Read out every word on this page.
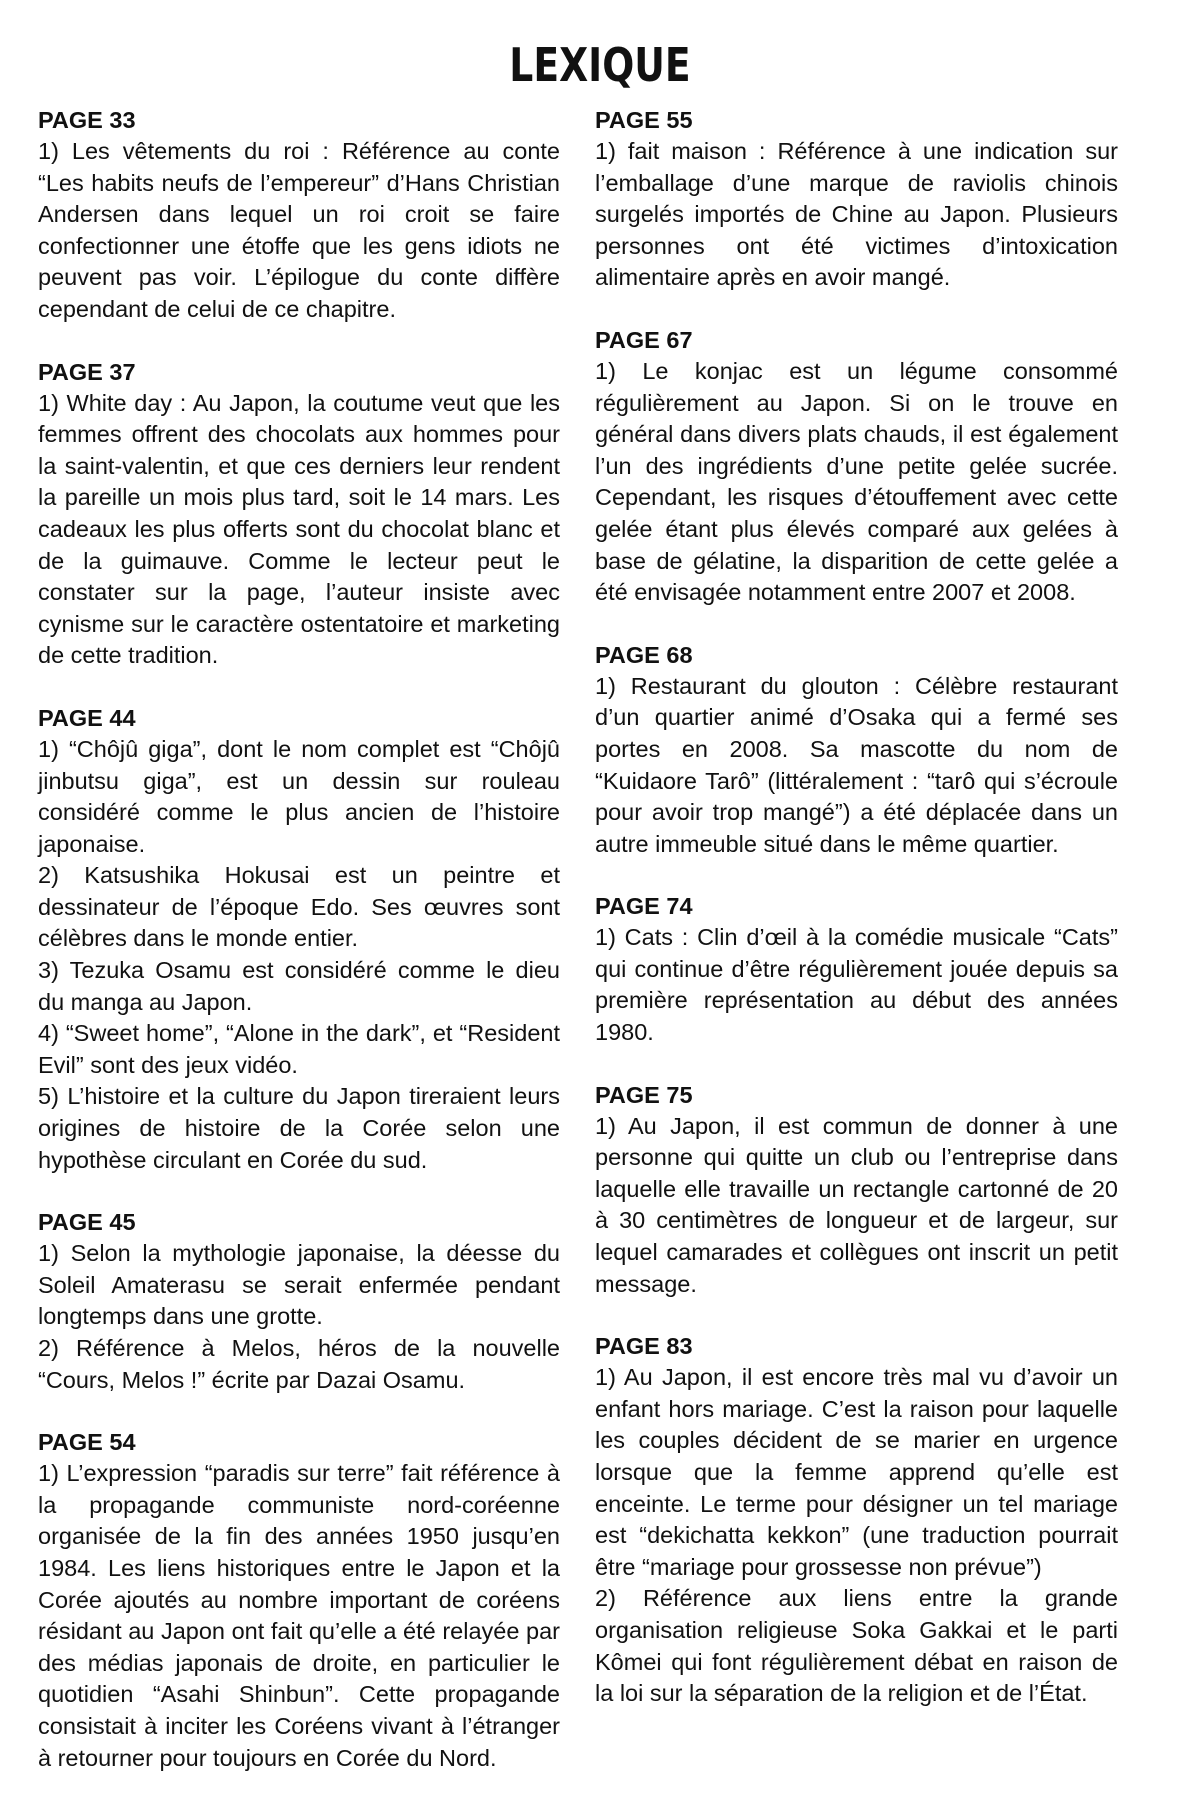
LEXIQUE
PAGE 33

1) Les vêtements du roi : Référence au conte “Les habits neufs de l’empereur” d’Hans Christian Andersen dans lequel un roi croit se faire confectionner une étoffe que les gens idiots ne peuvent pas voir. L’épilogue du conte diffère cependant de celui de ce chapitre.

PAGE 37

1) White day : Au Japon, la coutume veut que les femmes offrent des chocolats aux hommes pour la saint-valentin, et que ces derniers leur rendent la pareille un mois plus tard, soit le 14 mars. Les cadeaux les plus offerts sont du chocolat blanc et de la guimauve. Comme le lecteur peut le constater sur la page, l’auteur insiste avec cynisme sur le caractère ostentatoire et marketing de cette tradition.

PAGE 44

1) “Chôjû giga”, dont le nom complet est “Chôjû jinbutsu giga”, est un dessin sur rouleau considéré comme le plus ancien de l’histoire japonaise.

2) Katsushika Hokusai est un peintre et dessinateur de l’époque Edo. Ses œuvres sont célèbres dans le monde entier.

3) Tezuka Osamu est considéré comme le dieu du manga au Japon.

4) “Sweet home”, “Alone in the dark”, et “Resident Evil” sont des jeux vidéo.

5) L’histoire et la culture du Japon tireraient leurs origines de histoire de la Corée selon une hypothèse circulant en Corée du sud.

PAGE 45

1) Selon la mythologie japonaise, la déesse du Soleil Amaterasu se serait enfermée pendant longtemps dans une grotte.

2) Référence à Melos, héros de la nouvelle “Cours, Melos !” écrite par Dazai Osamu.

PAGE 54

1) L’expression “paradis sur terre” fait référence à la propagande communiste nord-coréenne organisée de la fin des années 1950 jusqu’en 1984. Les liens historiques entre le Japon et la Corée ajoutés au nombre important de coréens résidant au Japon ont fait qu’elle a été relayée par des médias japonais de droite, en particulier le quotidien “Asahi Shinbun”. Cette propagande consistait à inciter les Coréens vivant à l’étranger à retourner pour toujours en Corée du Nord.

PAGE 55

1) fait maison : Référence à une indication sur l’emballage d’une marque de raviolis chinois surgelés importés de Chine au Japon. Plusieurs personnes ont été victimes d’intoxication alimentaire après en avoir mangé.

PAGE 67

1) Le konjac est un légume consommé régulièrement au Japon. Si on le trouve en général dans divers plats chauds, il est également l’un des ingrédients d’une petite gelée sucrée. Cependant, les risques d’étouffement avec cette gelée étant plus élevés comparé aux gelées à base de gélatine, la disparition de cette gelée a été envisagée notamment entre 2007 et 2008.

PAGE 68

1) Restaurant du glouton : Célèbre restaurant d’un quartier animé d’Osaka qui a fermé ses portes en 2008. Sa mascotte du nom de “Kuidaore Tarô” (littéralement : “tarô qui s’écroule pour avoir trop mangé”) a été déplacée dans un autre immeuble situé dans le même quartier.

PAGE 74

1) Cats : Clin d’œil à la comédie musicale “Cats” qui continue d’être régulièrement jouée depuis sa première représentation au début des années 1980.

PAGE 75

1) Au Japon, il est commun de donner à une personne qui quitte un club ou l’entreprise dans laquelle elle travaille un rectangle cartonné de 20 à 30 centimètres de longueur et de largeur, sur lequel camarades et collègues ont inscrit un petit message.

PAGE 83

1) Au Japon, il est encore très mal vu d’avoir un enfant hors mariage. C’est la raison pour laquelle les couples décident de se marier en urgence lorsque que la femme apprend qu’elle est enceinte. Le terme pour désigner un tel mariage est “dekichatta kekkon” (une traduction pourrait être “mariage pour grossesse non prévue”)

2) Référence aux liens entre la grande organisation religieuse Soka Gakkai et le parti Kômei qui font régulièrement débat en raison de la loi sur la séparation de la religion et de l’État.
